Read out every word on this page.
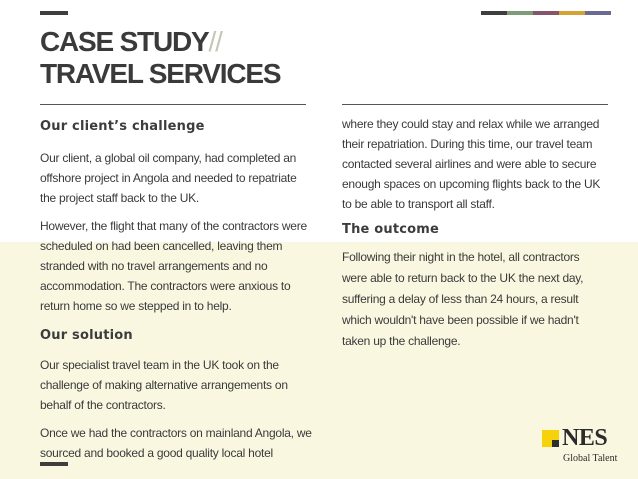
CASE STUDY//
TRAVEL SERVICES
Our client’s challenge

Our client, a global oil company, had completed an offshore project in Angola and needed to repatriate the project staff back to the UK.

However, the flight that many of the contractors were scheduled on had been cancelled, leaving them stranded with no travel arrangements and no accommodation. The contractors were anxious to return home so we stepped in to help.

Our solution

Our specialist travel team in the UK took on the challenge of making alternative arrangements on behalf of the contractors.

Once we had the contractors on mainland Angola, we sourced and booked a good quality local hotel

where they could stay and relax while we arranged their repatriation. During this time, our travel team contacted several airlines and were able to secure enough spaces on upcoming flights back to the UK to be able to transport all staff.

The outcome

Following their night in the hotel, all contractors were able to return back to the UK the next day, suffering a delay of less than 24 hours, a result which wouldn't have been possible if we hadn't taken up the challenge.

NES
Global Talent
